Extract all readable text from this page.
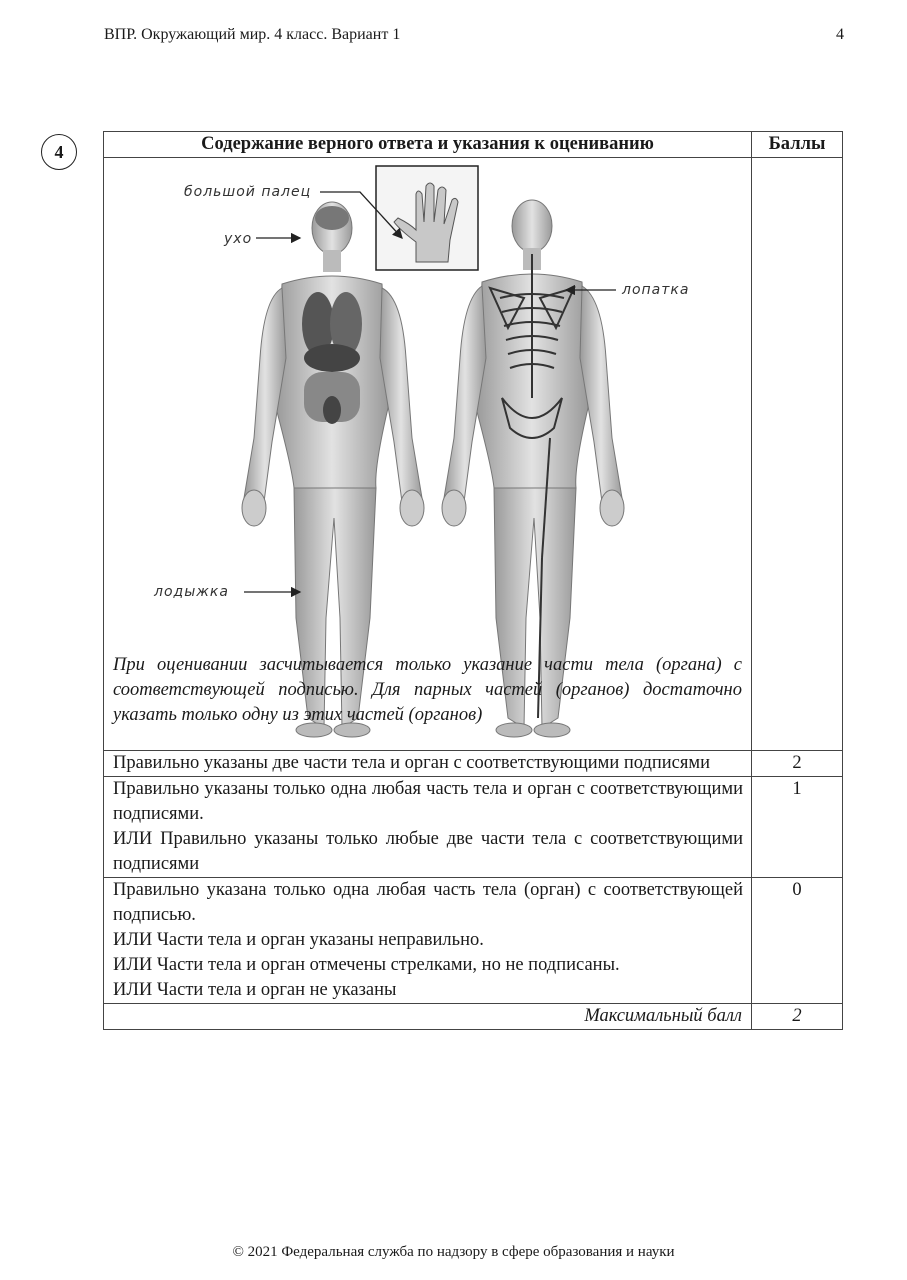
ВПР. Окружающий мир. 4 класс. Вариант 1	4
4	Содержание верного ответа и указания к оцениванию	Баллы

большой палец
ухо
лопатка
лодыжка
При оценивании засчитывается только указание части тела (органа) с соответствующей подписью. Для парных частей (органов) достаточно указать только одну из этих частей (органов)	

Правильно указаны две части тела и орган с соответствующими подписями	2

Правильно указаны только одна любая часть тела и орган с соответствующими подписями.
ИЛИ Правильно указаны только любые две части тела с соответствующими подписями	1

Правильно указана только одна любая часть тела (орган) с соответствующей подписью.
ИЛИ Части тела и орган указаны неправильно.
ИЛИ Части тела и орган отмечены стрелками, но не подписаны.
ИЛИ Части тела и орган не указаны	0
Максимальный балл	2
© 2021 Федеральная служба по надзору в сфере образования и науки
